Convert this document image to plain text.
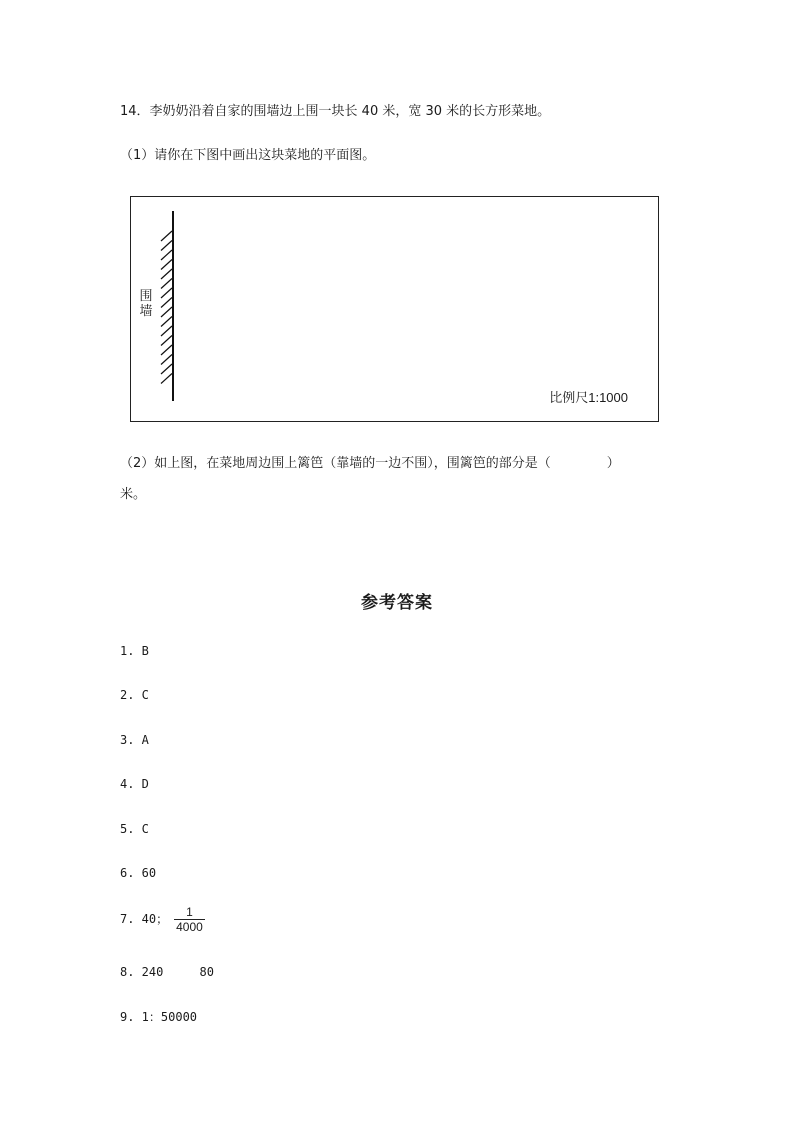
14．李奶奶沿着自家的围墙边上围一块长 40 米，宽 30 米的长方形菜地。
（1）请你在下图中画出这块菜地的平面图。
围
墙
比例尺1:1000
（2）如上图，在菜地周边围上篱笆（靠墙的一边不围），围篱笆的部分是（	）
米。
参考答案
1. B
2. C
3. A
4. D
5. C
6. 60
7. 40； $\frac{1}{4000}$
8. 240     80
9. 1：50000
